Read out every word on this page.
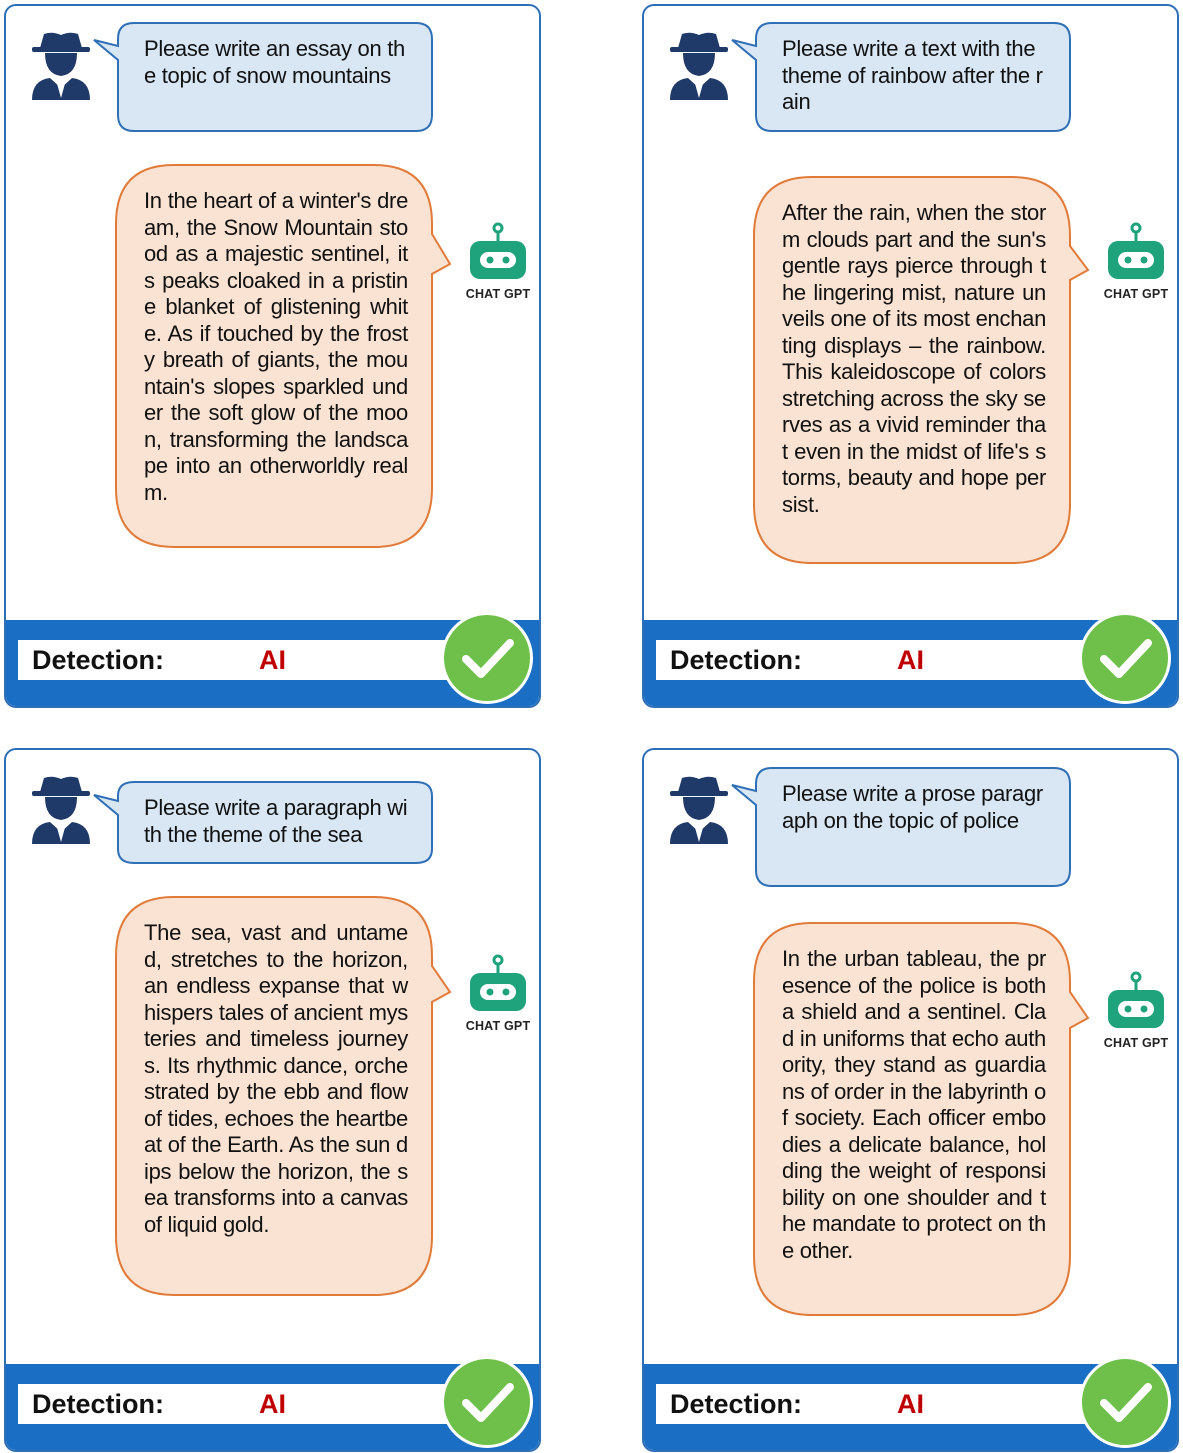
Please write an essay on the topic of snow mountains
In the heart of a winter's dream, the Snow Mountain stood as a majestic sentinel, its peaks cloaked in a pristine blanket of glistening white. As if touched by the frosty breath of giants, the mountain's slopes sparkled under the soft glow of the moon, transforming the landscape into an otherworldly realm.
CHAT GPT
Detection:	AI
Please write a text with the theme of rainbow after the rain
After the rain, when the storm clouds part and the sun's gentle rays pierce through the lingering mist, nature unveils one of its most enchanting displays – the rainbow. This kaleidoscope of colors stretching across the sky serves as a vivid reminder that even in the midst of life's storms, beauty and hope persist.
CHAT GPT
Detection:	AI
Please write a paragraph with the theme of the sea
The sea, vast and untamed, stretches to the horizon, an endless expanse that whispers tales of ancient mysteries and timeless journeys. Its rhythmic dance, orchestrated by the ebb and flow of tides, echoes the heartbeat of the Earth. As the sun dips below the horizon, the sea transforms into a canvas of liquid gold.
CHAT GPT
Detection:	AI
Please write a prose paragraph on the topic of police
In the urban tableau, the presence of the police is both a shield and a sentinel. Clad in uniforms that echo authority, they stand as guardians of order in the labyrinth of society. Each officer embodies a delicate balance, holding the weight of responsibility on one shoulder and the mandate to protect on the other.
CHAT GPT
Detection:	AI
